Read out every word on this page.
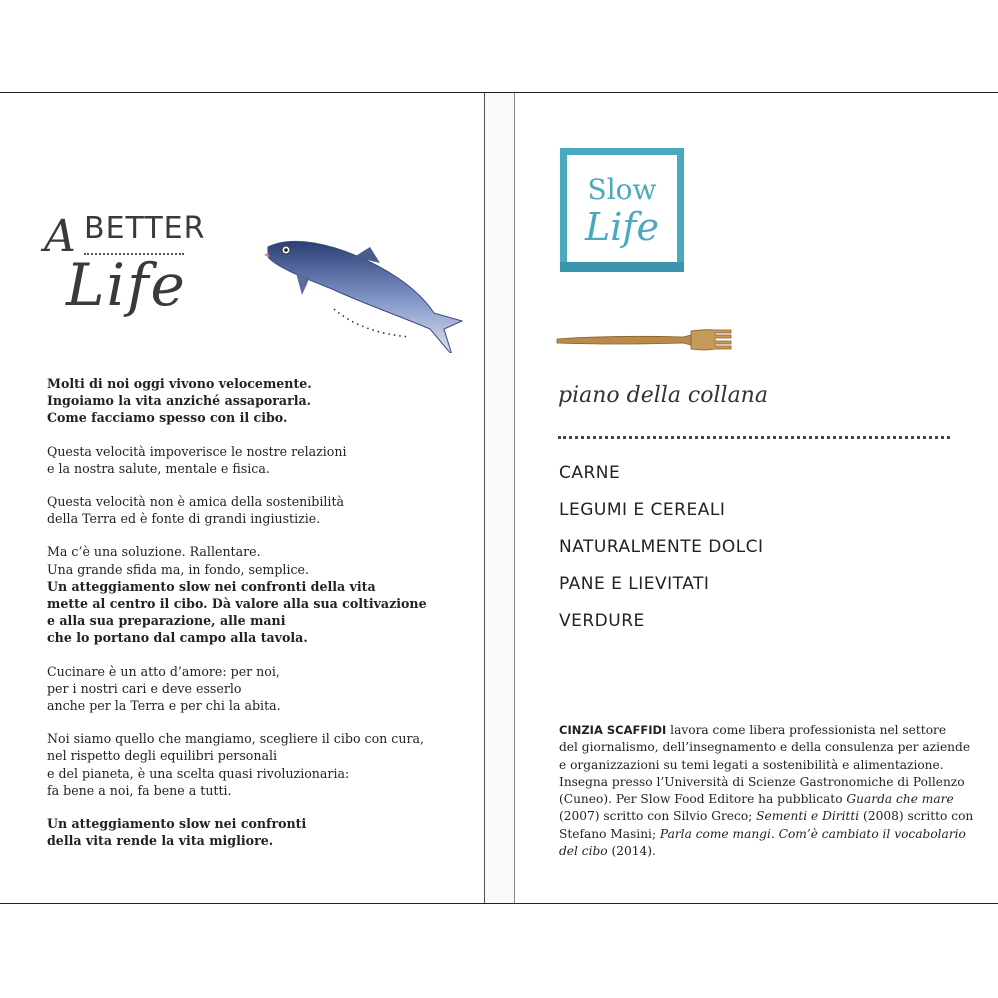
A BETTER
Life

Molti di noi oggi vivono velocemente.
Ingoiamo la vita anziché assaporarla.
Come facciamo spesso con il cibo.

Questa velocità impoverisce le nostre relazioni
e la nostra salute, mentale e fisica.

Questa velocità non è amica della sostenibilità
della Terra ed è fonte di grandi ingiustizie.

Ma c’è una soluzione. Rallentare.
Una grande sfida ma, in fondo, semplice.
Un atteggiamento slow nei confronti della vita
mette al centro il cibo. Dà valore alla sua coltivazione
e alla sua preparazione, alle mani
che lo portano dal campo alla tavola.

Cucinare è un atto d’amore: per noi,
per i nostri cari e deve esserlo
anche per la Terra e per chi la abita.

Noi siamo quello che mangiamo, scegliere il cibo con cura,
nel rispetto degli equilibri personali
e del pianeta, è una scelta quasi rivoluzionaria:
fa bene a noi, fa bene a tutti.

Un atteggiamento slow nei confronti
della vita rende la vita migliore.

Slow
Life
piano della collana
CARNE
LEGUMI E CEREALI
NATURALMENTE DOLCI
PANE E LIEVITATI
VERDURE
CINZIA SCAFFIDI lavora come libera professionista nel settore
del giornalismo, dell’insegnamento e della consulenza per aziende
e organizzazioni su temi legati a sostenibilità e alimentazione.
Insegna presso l’Università di Scienze Gastronomiche di Pollenzo
(Cuneo). Per Slow Food Editore ha pubblicato Guarda che mare
(2007) scritto con Silvio Greco; Sementi e Diritti (2008) scritto con
Stefano Masini; Parla come mangi. Com’è cambiato il vocabolario
del cibo (2014).
